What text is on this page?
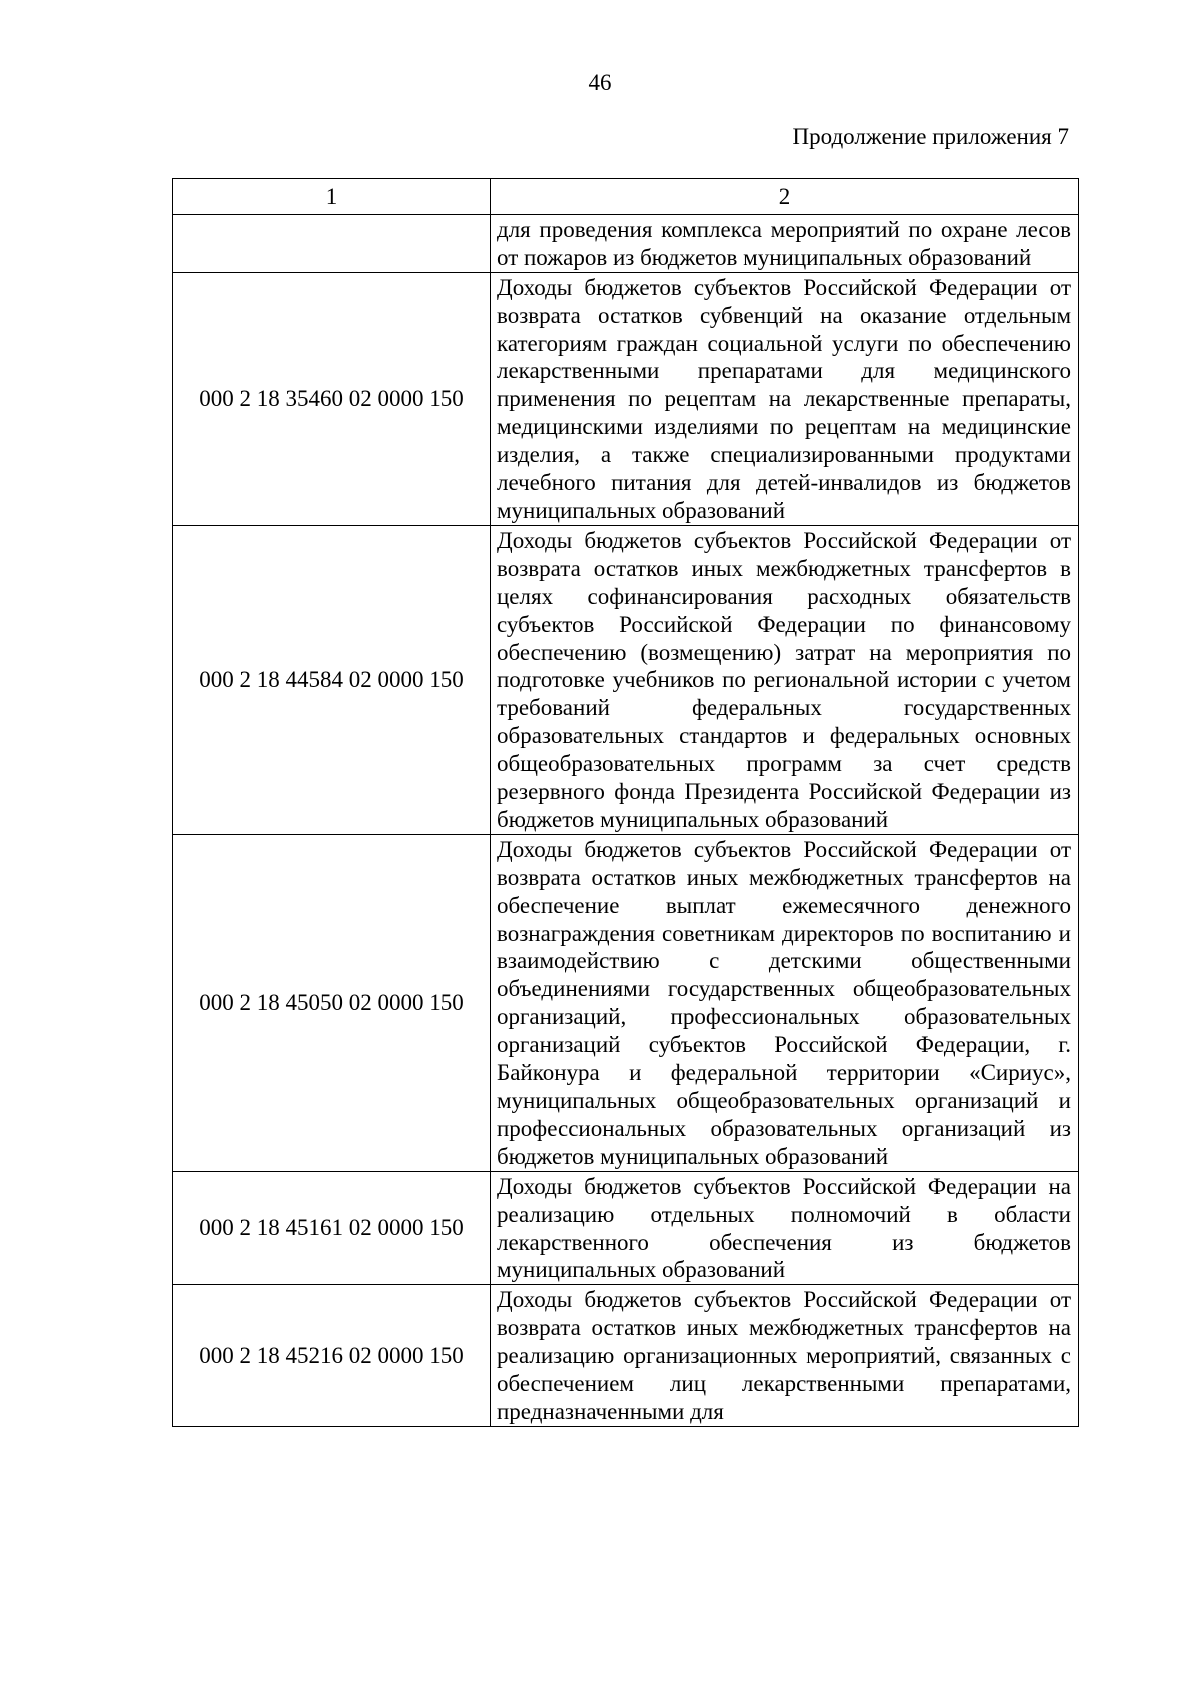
46
Продолжение приложения 7
1	2
	для проведения комплекса мероприятий по охране лесов от пожаров из бюджетов муниципальных образований
000 2 18 35460 02 0000 150	Доходы бюджетов субъектов Российской Федерации от возврата остатков субвенций на оказание отдельным категориям граждан социальной услуги по обеспечению лекарственными препаратами для медицинского применения по рецептам на лекарственные препараты, медицинскими изделиями по рецептам на медицинские изделия, а также специализированными продуктами лечебного питания для детей-инвалидов из бюджетов муниципальных образований
000 2 18 44584 02 0000 150	Доходы бюджетов субъектов Российской Федерации от возврата остатков иных межбюджетных трансфертов в целях софинансирования расходных обязательств субъектов Российской Федерации по финансовому обеспечению (возмещению) затрат на мероприятия по подготовке учебников по региональной истории с учетом требований федеральных государственных образовательных стандартов и федеральных основных общеобразовательных программ за счет средств резервного фонда Президента Российской Федерации из бюджетов муниципальных образований
000 2 18 45050 02 0000 150	Доходы бюджетов субъектов Российской Федерации от возврата остатков иных межбюджетных трансфертов на обеспечение выплат ежемесячного денежного вознаграждения советникам директоров по воспитанию и взаимодействию с детскими общественными объединениями государственных общеобразовательных организаций, профессиональных образовательных организаций субъектов Российской Федерации, г. Байконура и федеральной территории «Сириус», муниципальных общеобразовательных организаций и профессиональных образовательных организаций из бюджетов муниципальных образований
000 2 18 45161 02 0000 150	Доходы бюджетов субъектов Российской Федерации на реализацию отдельных полномочий в области лекарственного обеспечения из бюджетов муниципальных образований
000 2 18 45216 02 0000 150	Доходы бюджетов субъектов Российской Федерации от возврата остатков иных межбюджетных трансфертов на реализацию организационных мероприятий, связанных с обеспечением лиц лекарственными препаратами, предназначенными для
